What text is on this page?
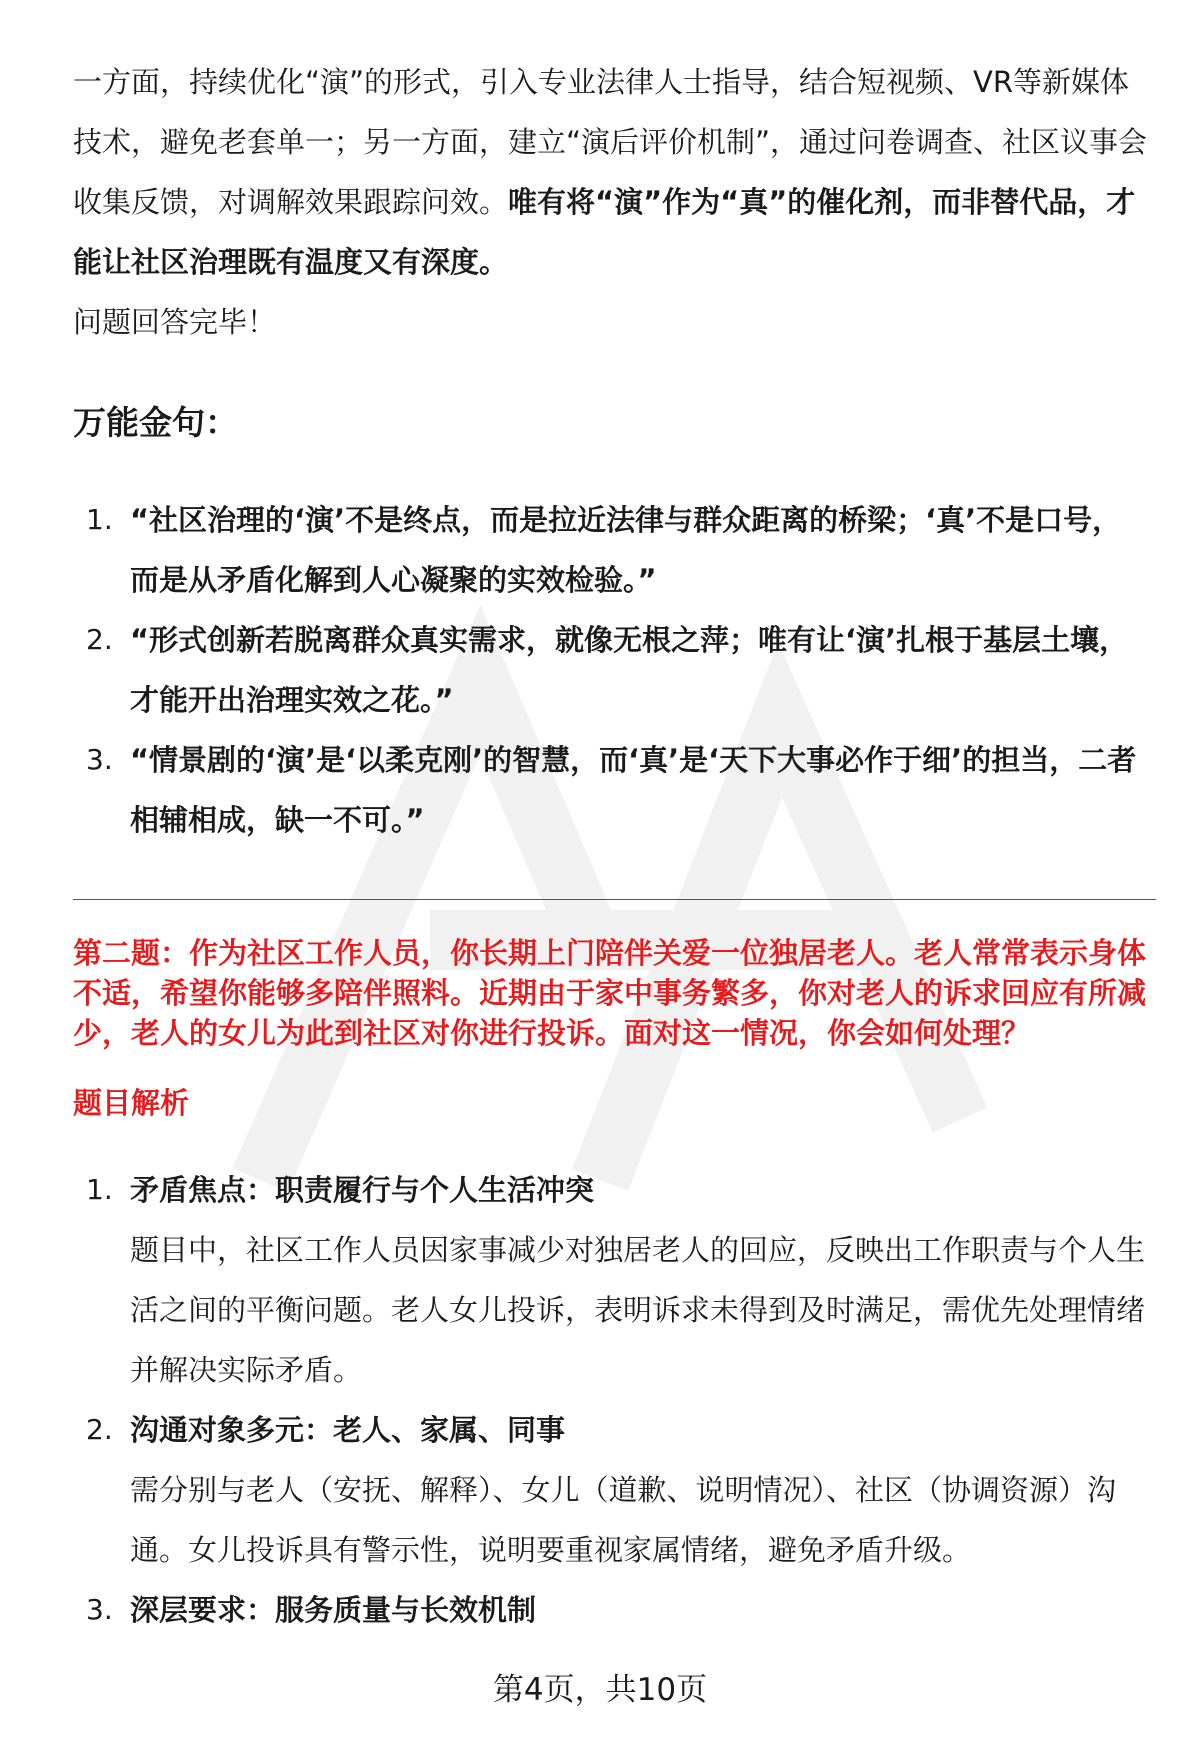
一方面，持续优化“演”的形式，引入专业法律人士指导，结合短视频、VR等新媒体技术，避免老套单一；另一方面，建立“演后评价机制”，通过问卷调查、社区议事会收集反馈，对调解效果跟踪问效。唯有将“演”作为“真”的催化剂，而非替代品，才能让社区治理既有温度又有深度。

问题回答完毕！

万能金句：
1. “社区治理的‘演’不是终点，而是拉近法律与群众距离的桥梁；‘真’不是口号，而是从矛盾化解到人心凝聚的实效检验。”
2. “形式创新若脱离群众真实需求，就像无根之萍；唯有让‘演’扎根于基层土壤，才能开出治理实效之花。”
3. “情景剧的‘演’是‘以柔克刚’的智慧，而‘真’是‘天下大事必作于细’的担当，二者相辅相成，缺一不可。”

第二题：作为社区工作人员，你长期上门陪伴关爱一位独居老人。老人常常表示身体不适，希望你能够多陪伴照料。近期由于家中事务繁多，你对老人的诉求回应有所减少，老人的女儿为此到社区对你进行投诉。面对这一情况，你会如何处理？

题目解析
1. 矛盾焦点：职责履行与个人生活冲突
题目中，社区工作人员因家事减少对独居老人的回应，反映出工作职责与个人生活之间的平衡问题。老人女儿投诉，表明诉求未得到及时满足，需优先处理情绪并解决实际矛盾。
2. 沟通对象多元：老人、家属、同事
需分别与老人（安抚、解释）、女儿（道歉、说明情况）、社区（协调资源）沟通。女儿投诉具有警示性，说明要重视家属情绪，避免矛盾升级。
3. 深层要求：服务质量与长效机制
第4页，共10页
